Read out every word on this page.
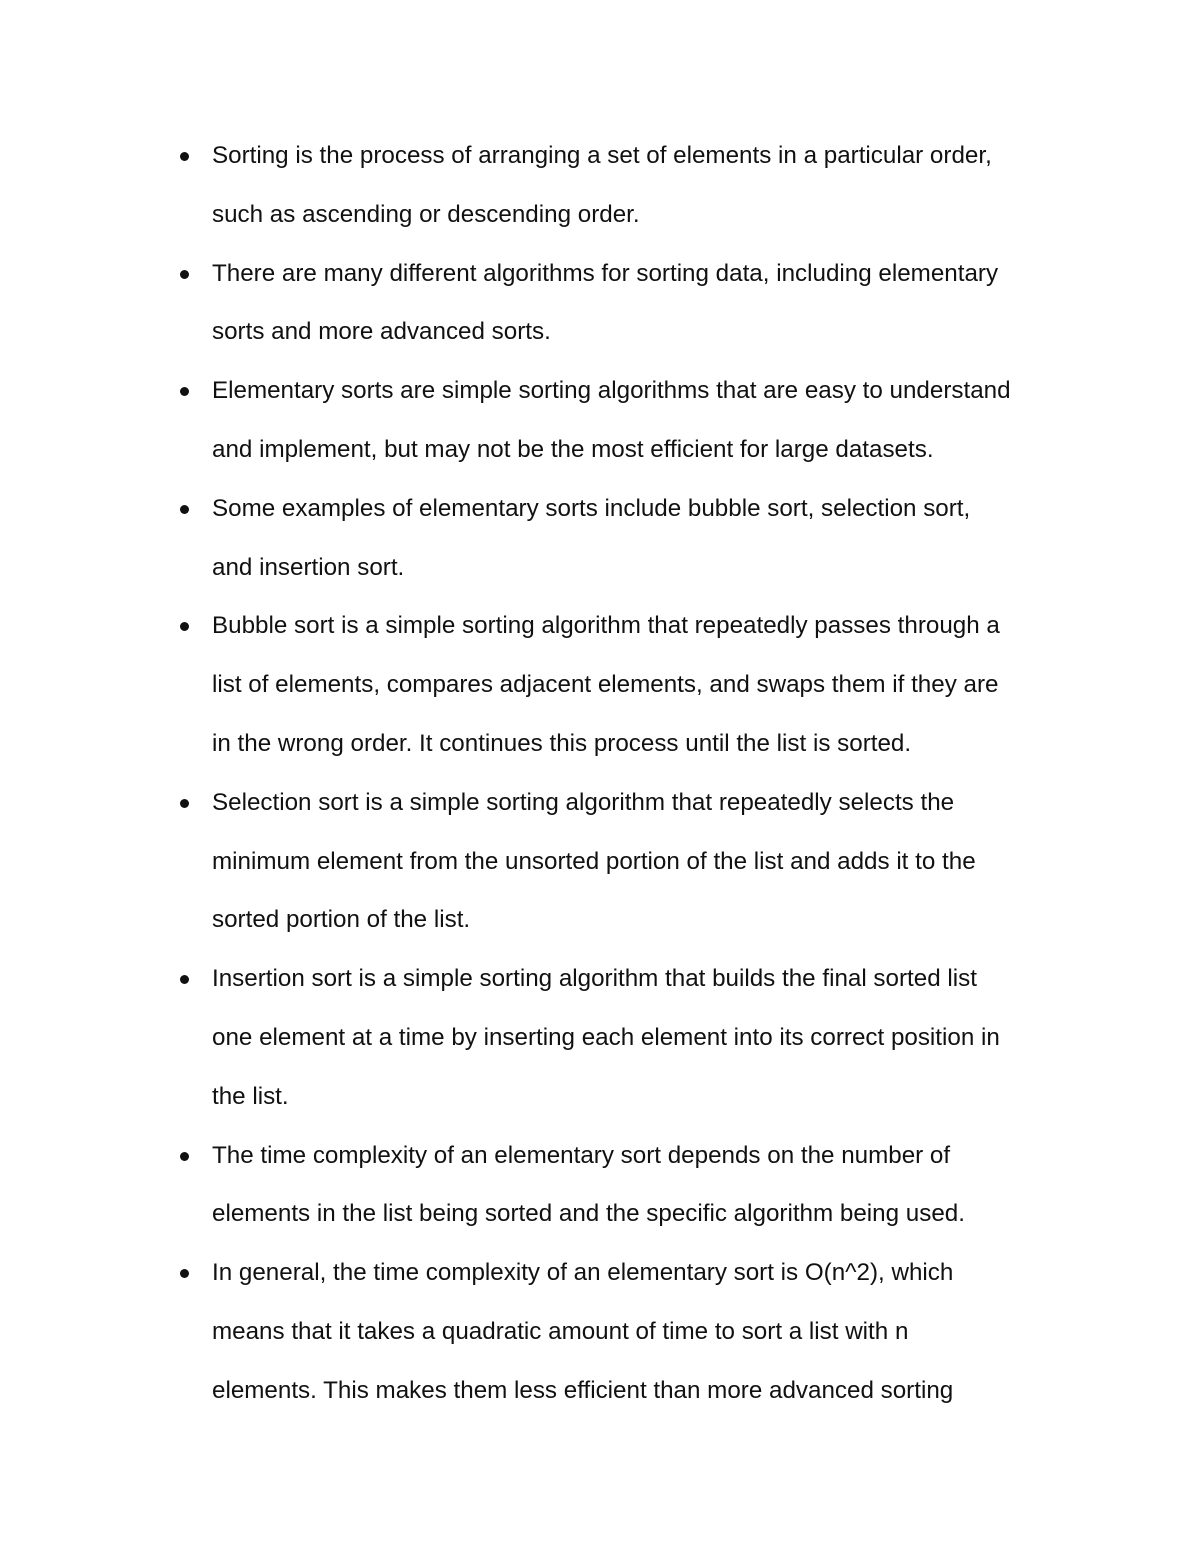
Sorting is the process of arranging a set of elements in a particular order,
such as ascending or descending order.
There are many different algorithms for sorting data, including elementary
sorts and more advanced sorts.
Elementary sorts are simple sorting algorithms that are easy to understand
and implement, but may not be the most efficient for large datasets.
Some examples of elementary sorts include bubble sort, selection sort,
and insertion sort.
Bubble sort is a simple sorting algorithm that repeatedly passes through a
list of elements, compares adjacent elements, and swaps them if they are
in the wrong order. It continues this process until the list is sorted.
Selection sort is a simple sorting algorithm that repeatedly selects the
minimum element from the unsorted portion of the list and adds it to the
sorted portion of the list.
Insertion sort is a simple sorting algorithm that builds the final sorted list
one element at a time by inserting each element into its correct position in
the list.
The time complexity of an elementary sort depends on the number of
elements in the list being sorted and the specific algorithm being used.
In general, the time complexity of an elementary sort is O(n^2), which
means that it takes a quadratic amount of time to sort a list with n
elements. This makes them less efficient than more advanced sorting
